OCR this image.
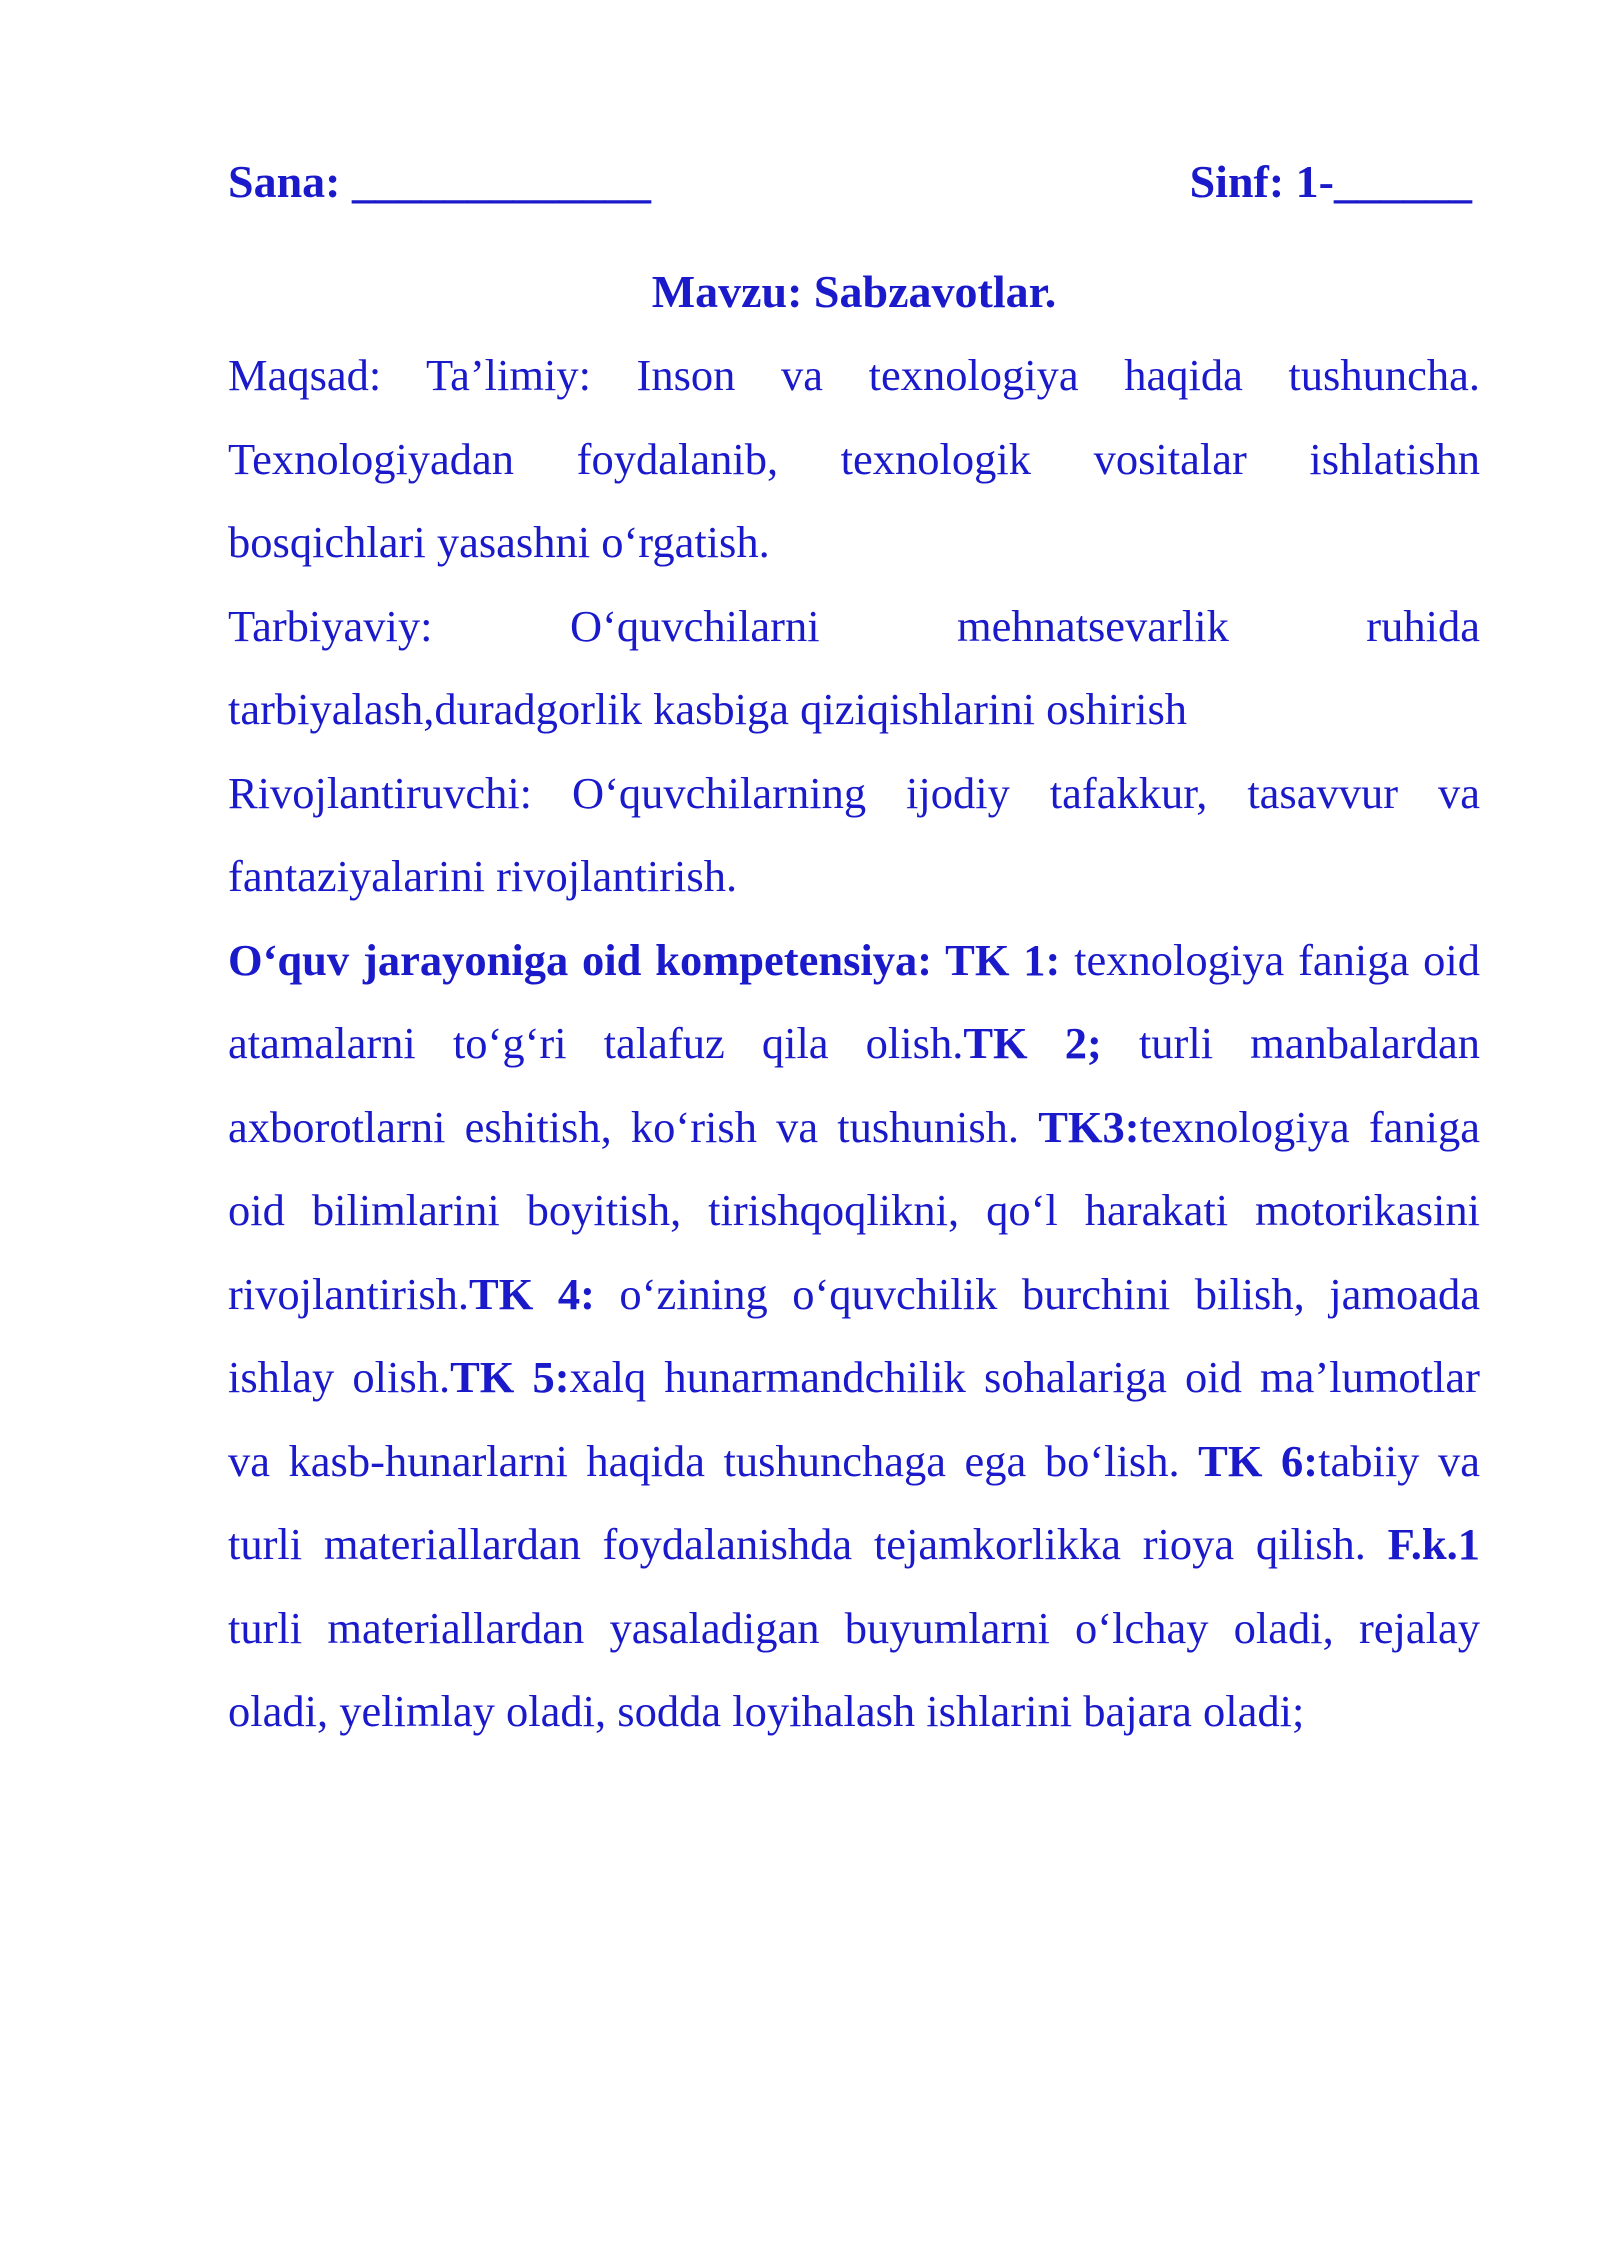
Sana: _____________	Sinf: 1-______
Mavzu: Sabzavotlar.

Maqsad: Ta’limiy: Inson va texnologiya haqida tushuncha. Texnologiyadan foydalanib, texnologik vositalar ishlatishn bosqichlari yasashni o‘rgatish.

Tarbiyaviy: O‘quvchilarni mehnatsevarlik ruhida tarbiyalash,duradgorlik kasbiga qiziqishlarini oshirish

Rivojlantiruvchi: O‘quvchilarning ijodiy tafakkur, tasavvur va fantaziyalarini rivojlantirish.

O‘quv jarayoniga oid kompetensiya: TK 1: texnologiya faniga oid atamalarni to‘g‘ri talafuz qila olish.TK 2; turli manbalardan axborotlarni eshitish, ko‘rish va tushunish. TK3:texnologiya faniga oid bilimlarini boyitish, tirishqoqlikni, qo‘l harakati motorikasini rivojlantirish.TK 4: o‘zining o‘quvchilik burchini bilish, jamoada ishlay olish.TK 5:xalq hunarmandchilik sohalariga oid ma’lumotlar va kasb-hunarlarni haqida tushunchaga ega bo‘lish. TK 6:tabiiy va turli materiallardan foydalanishda tejamkorlikka rioya qilish. F.k.1 turli materiallardan yasaladigan buyumlarni o‘lchay oladi, rejalay oladi, yelimlay oladi, sodda loyihalash ishlarini bajara oladi;
